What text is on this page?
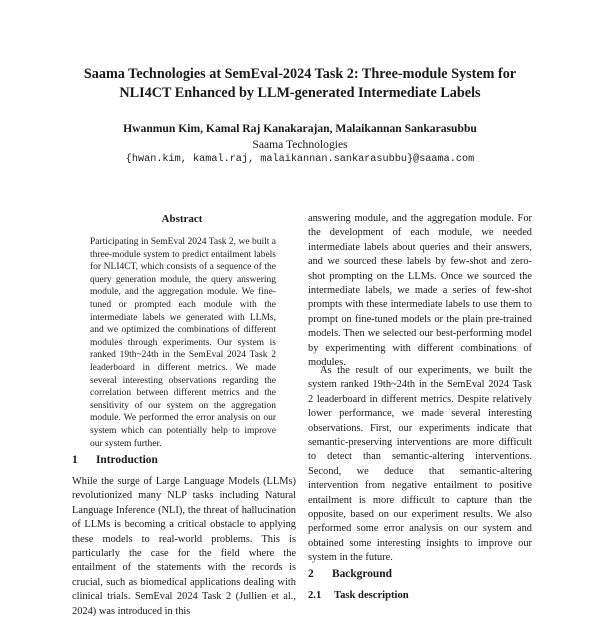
Saama Technologies at SemEval-2024 Task 2: Three-module System for
NLI4CT Enhanced by LLM-generated Intermediate Labels
Hwanmun Kim, Kamal Raj Kanakarajan, Malaikannan Sankarasubbu
Saama Technologies
{hwan.kim, kamal.raj, malaikannan.sankarasubbu}@saama.com
Abstract

Participating in SemEval 2024 Task 2, we built a three-module system to predict entailment labels for NLI4CT, which consists of a sequence of the query generation module, the query answering module, and the aggregation module. We fine-tuned or prompted each module with the intermediate labels we generated with LLMs, and we optimized the combinations of different modules through experiments. Our system is ranked 19th~24th in the SemEval 2024 Task 2 leaderboard in different metrics. We made several interesting observations regarding the correlation between different metrics and the sensitivity of our system on the aggregation module. We performed the error analysis on our system which can potentially help to improve our system further.

1 Introduction

While the surge of Large Language Models (LLMs) revolutionized many NLP tasks including Natural Language Inference (NLI), the threat of hallucination of LLMs is becoming a critical obstacle to applying these models to real-world problems. This is particularly the case for the field where the entailment of the statements with the records is crucial, such as biomedical applications dealing with clinical trials. SemEval 2024 Task 2 (Jullien et al., 2024) was introduced in this

answering module, and the aggregation module. For the development of each module, we needed intermediate labels about queries and their answers, and we sourced these labels by few-shot and zero-shot prompting on the LLMs. Once we sourced the intermediate labels, we made a series of few-shot prompts with these intermediate labels to use them to prompt on fine-tuned models or the plain pre-trained models. Then we selected our best-performing model by experimenting with different combinations of modules.

As the result of our experiments, we built the system ranked 19th~24th in the SemEval 2024 Task 2 leaderboard in different metrics. Despite relatively lower performance, we made several interesting observations. First, our experiments indicate that semantic-preserving interventions are more difficult to detect than semantic-altering interventions. Second, we deduce that semantic-altering intervention from negative entailment to positive entailment is more difficult to capture than the opposite, based on our experiment results. We also performed some error analysis on our system and obtained some interesting insights to improve our system in the future.

2 Background
2.1 Task description
